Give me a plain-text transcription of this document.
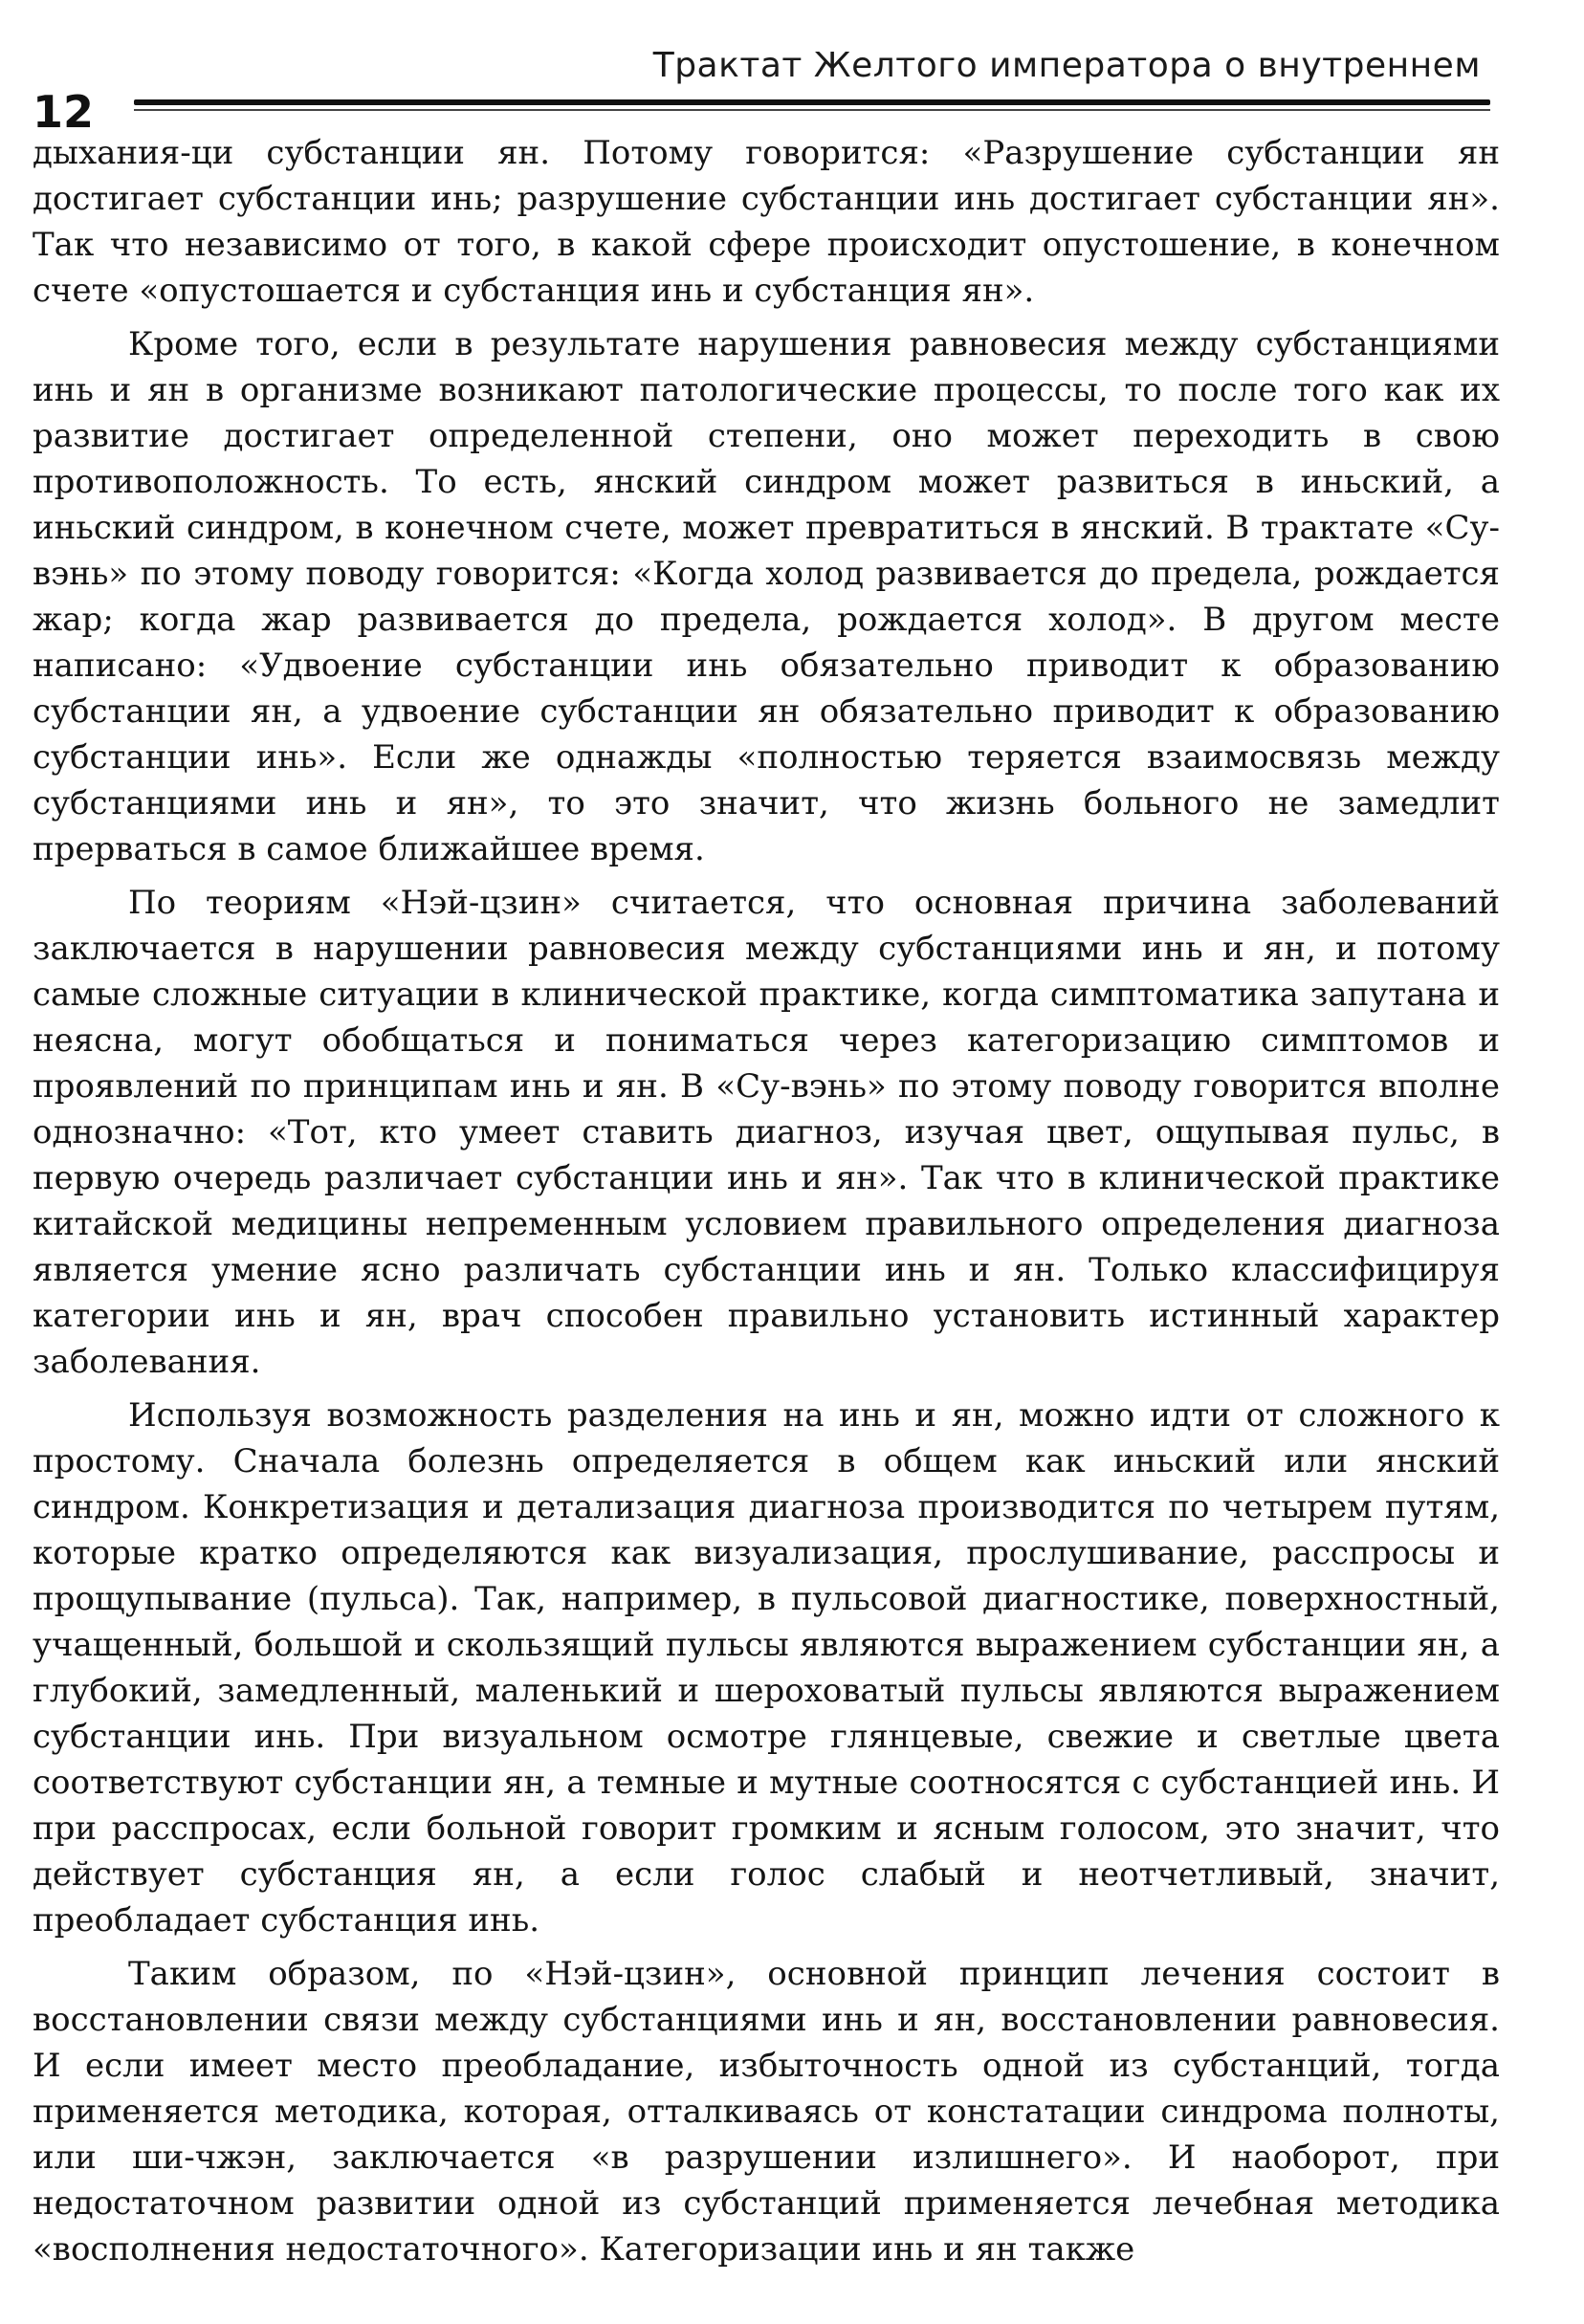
Трактат Желтого императора о внутреннем
12

дыхания-ци субстанции ян. Потому говорится: «Разрушение субстанции ян достигает субстанции инь; разрушение субстанции инь достигает субстанции ян». Так что независимо от того, в какой сфере происходит опустошение, в конечном счете «опустошается и субстанция инь и субстанция ян».

Кроме того, если в результате нарушения равновесия между субстанциями инь и ян в организме возникают патологические процессы, то после того как их развитие достигает определенной степени, оно может переходить в свою противоположность. То есть, янский синдром может развиться в иньский, а иньский синдром, в конечном счете, может превратиться в янский. В трактате «Су-вэнь» по этому поводу говорится: «Когда холод развивается до предела, рождается жар; когда жар развивается до предела, рождается холод». В другом месте написано: «Удвоение субстанции инь обязательно приводит к образованию субстанции ян, а удвоение субстанции ян обязательно приводит к образованию субстанции инь». Если же однажды «полностью теряется взаимосвязь между субстанциями инь и ян», то это значит, что жизнь больного не замедлит прерваться в самое ближайшее время.

По теориям «Нэй-цзин» считается, что основная причина заболеваний заключается в нарушении равновесия между субстанциями инь и ян, и потому самые сложные ситуации в клинической практике, когда симптоматика запутана и неясна, могут обобщаться и пониматься через категоризацию симптомов и проявлений по принципам инь и ян. В «Су-вэнь» по этому поводу говорится вполне однозначно: «Тот, кто умеет ставить диагноз, изучая цвет, ощупывая пульс, в первую очередь различает субстанции инь и ян». Так что в клинической практике китайской медицины непременным условием правильного определения диагноза является умение ясно различать субстанции инь и ян. Только классифицируя категории инь и ян, врач способен правильно установить истинный характер заболевания.

Используя возможность разделения на инь и ян, можно идти от сложного к простому. Сначала болезнь определяется в общем как иньский или янский синдром. Конкретизация и детализация диагноза производится по четырем путям, которые кратко определяются как визуализация, прослушивание, расспросы и прощупывание (пульса). Так, например, в пульсовой диагностике, поверхностный, учащенный, большой и скользящий пульсы являются выражением субстанции ян, а глубокий, замедленный, маленький и шероховатый пульсы являются выражением субстанции инь. При визуальном осмотре глянцевые, свежие и светлые цвета соответствуют субстанции ян, а темные и мутные соотносятся с субстанцией инь. И при расспросах, если больной говорит громким и ясным голосом, это значит, что действует субстанция ян, а если голос слабый и неотчетливый, значит, преобладает субстанция инь.

Таким образом, по «Нэй-цзин», основной принцип лечения состоит в восстановлении связи между субстанциями инь и ян, восстановлении равновесия. И если имеет место преобладание, избыточность одной из субстанций, тогда применяется методика, которая, отталкиваясь от констатации синдрома полноты, или ши-чжэн, заключается «в разрушении излишнего». И наоборот, при недостаточном развитии одной из субстанций применяется лечебная методика «восполнения недостаточного». Категоризации инь и ян также
